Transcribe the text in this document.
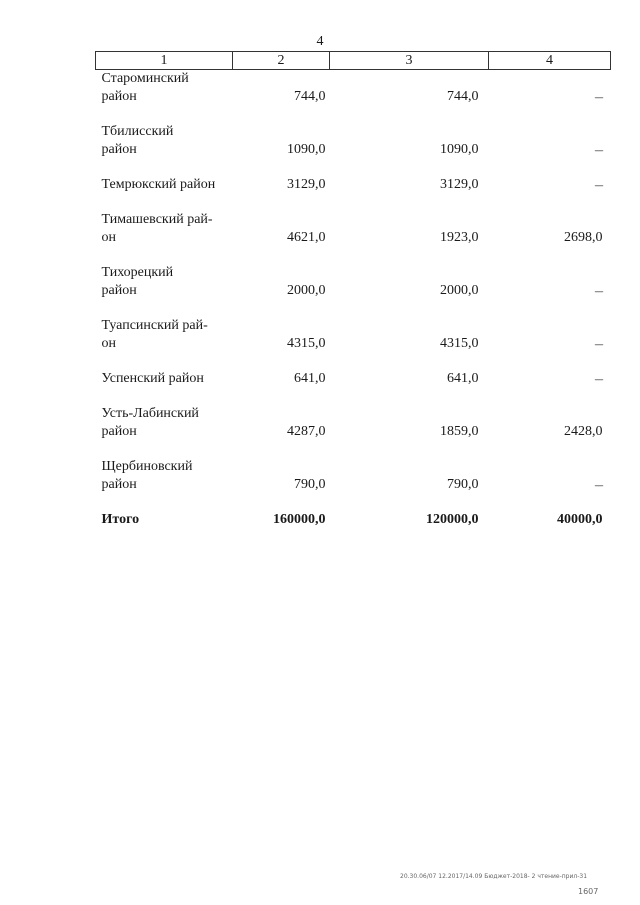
4
1	2	3	4
Староминский
район	744,0	744,0	----

Тбилисский
район	1090,0	1090,0	----

Темрюкский район	3129,0	3129,0	----

Тимашевский рай-
он	4621,0	1923,0	2698,0

Тихорецкий
район	2000,0	2000,0	----

Туапсинский рай-
он	4315,0	4315,0	----

Успенский район	641,0	641,0	----

Усть-Лабинский
район	4287,0	1859,0	2428,0

Щербиновский
район	790,0	790,0	----

Итого	160000,0	120000,0	40000,0
20.30.06/07 12.2017/14.09 Бюджет-2018- 2 чтение-прил-31
1607
